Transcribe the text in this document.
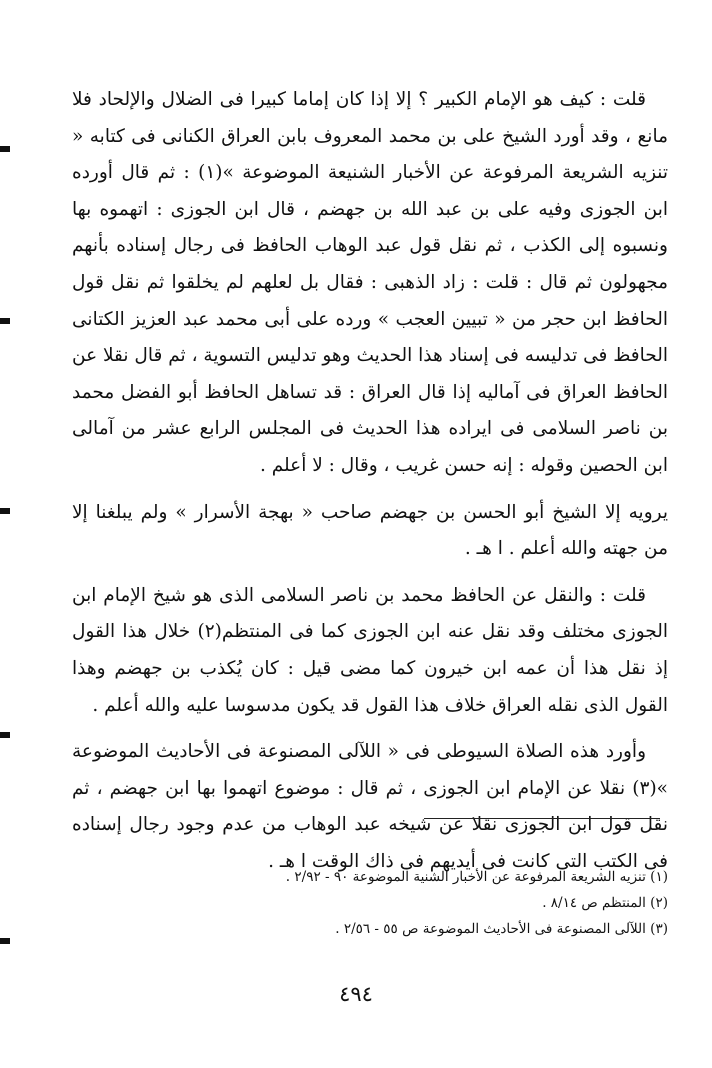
قلت : كيف هو الإمام الكبير ؟ إلا إذا كان إماما كبيرا فى الضلال والإلحاد فلا مانع ، وقد أورد الشيخ على بن محمد المعروف بابن العراق الكنانى فى كتابه « تنزيه الشريعة المرفوعة عن الأخبار الشنيعة الموضوعة »(١) : ثم قال أورده ابن الجوزى وفيه على بن عبد الله بن جهضم ، قال ابن الجوزى : اتهموه بها ونسبوه إلى الكذب ، ثم نقل قول عبد الوهاب الحافظ فى رجال إسناده بأنهم مجهولون ثم قال : قلت : زاد الذهبى : فقال بل لعلهم لم يخلقوا ثم نقل قول الحافظ ابن حجر من « تبيين العجب » ورده على أبى محمد عبد العزيز الكتانى الحافظ فى تدليسه فى إسناد هذا الحديث وهو تدليس التسوية ، ثم قال نقلا عن الحافظ العراق فى آماليه إذا قال العراق : قد تساهل الحافظ أبو الفضل محمد بن ناصر السلامى فى ايراده هذا الحديث فى المجلس الرابع عشر من آمالى ابن الحصين وقوله : إنه حسن غريب ، وقال : لا أعلم .

يرويه إلا الشيخ أبو الحسن بن جهضم صاحب « بهجة الأسرار » ولم يبلغنا إلا من جهته والله أعلم . ا هـ .

قلت : والنقل عن الحافظ محمد بن ناصر السلامى الذى هو شيخ الإمام ابن الجوزى مختلف وقد نقل عنه ابن الجوزى كما فى المنتظم(٢) خلال هذا القول إذ نقل هذا أن عمه ابن خيرون كما مضى قيل : كان يُكذب بن جهضم وهذا القول الذى نقله العراق خلاف هذا القول قد يكون مدسوسا عليه والله أعلم .

وأورد هذه الصلاة السيوطى فى « اللآلى المصنوعة فى الأحاديث الموضوعة »(٣) نقلا عن الإمام ابن الجوزى ، ثم قال : موضوع اتهموا بها ابن جهضم ، ثم نقل قول ابن الجوزى نقلا عن شيخه عبد الوهاب من عدم وجود رجال إسناده فى الكتب التى كانت فى أيديهم فى ذاك الوقت ا هـ .

(١) تنزيه الشريعة المرفوعة عن الأخبار الشنية الموضوعة ٩٠ - ٢/٩٢ .
(٢) المنتظم ص ٨/١٤ .
(٣) اللآلى المصنوعة فى الأحاديث الموضوعة ص ٥٥ - ٢/٥٦ .
٤٩٤
